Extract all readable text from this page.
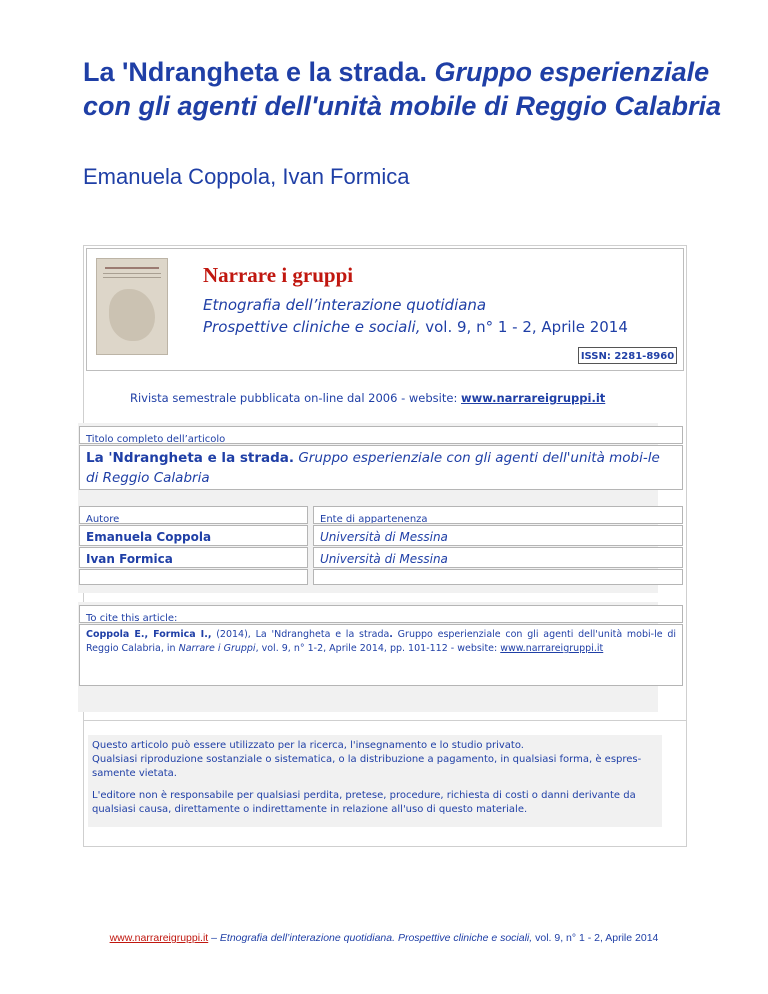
La 'Ndrangheta e la strada. Gruppo esperienziale con gli agenti dell'unità mobile di Reggio Calabria
Emanuela Coppola, Ivan Formica
Narrare i gruppi
Etnografia dell’interazione quotidiana
Prospettive cliniche e sociali, vol. 9, n° 1 - 2, Aprile 2014
ISSN: 2281-8960
Rivista semestrale pubblicata on-line dal 2006 - website: www.narrareigruppi.it
Titolo completo dell’articolo
La 'Ndrangheta e la strada. Gruppo esperienziale con gli agenti dell'unità mobi-le di Reggio Calabria
Autore	Ente di appartenenza
Emanuela Coppola	Università di Messina
Ivan Formica	Università di Messina
To cite this article:
Coppola E., Formica I., (2014), La 'Ndrangheta e la strada. Gruppo esperienziale con gli agenti dell'unità mobi-le di Reggio Calabria, in Narrare i Gruppi, vol. 9, n° 1-2, Aprile 2014, pp. 101-112 - website: www.narrareigruppi.it

Questo articolo può essere utilizzato per la ricerca, l'insegnamento e lo studio privato.

Qualsiasi riproduzione sostanziale o sistematica, o la distribuzione a pagamento, in qualsiasi forma, è espres-samente vietata.

L'editore non è responsabile per qualsiasi perdita, pretese, procedure, richiesta di costi o danni derivante da qualsiasi causa, direttamente o indirettamente in relazione all'uso di questo materiale.

www.narrareigruppi.it – Etnografia dell’interazione quotidiana. Prospettive cliniche e sociali, vol. 9, n° 1 - 2, Aprile 2014
